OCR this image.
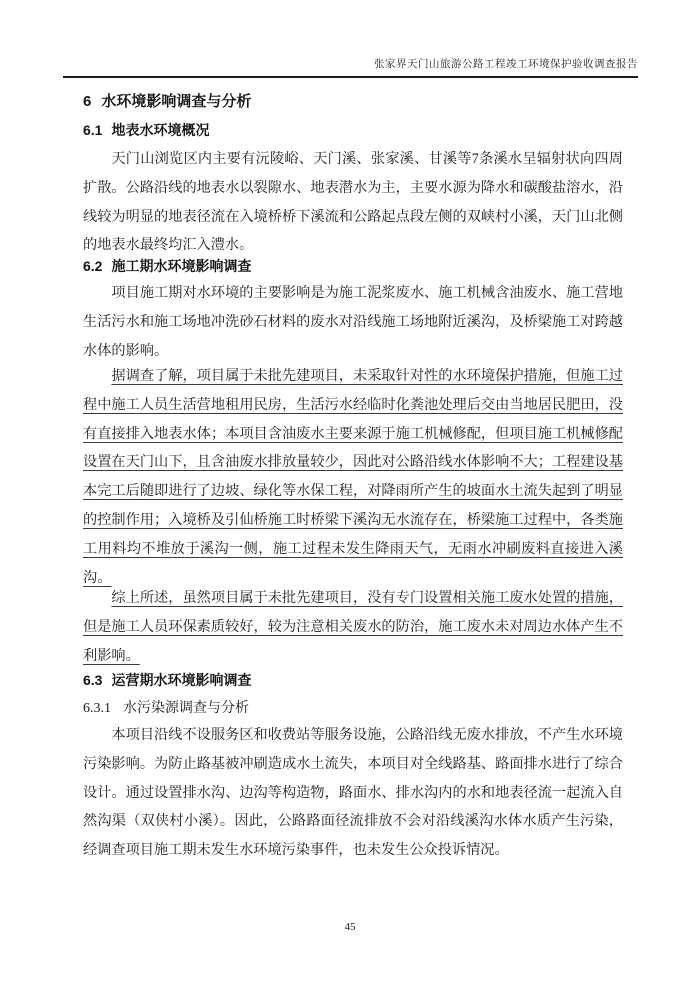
张家界天门山旅游公路工程竣工环境保护验收调查报告
6 水环境影响调查与分析
6.1 地表水环境概况

天门山浏览区内主要有沅陵峪、天门溪、张家溪、甘溪等7条溪水呈辐射状向四周扩散。公路沿线的地表水以裂隙水、地表潜水为主，主要水源为降水和碳酸盐溶水，沿线较为明显的地表径流在入境桥桥下溪流和公路起点段左侧的双峡村小溪，天门山北侧的地表水最终均汇入澧水。

6.2 施工期水环境影响调查

项目施工期对水环境的主要影响是为施工泥浆废水、施工机械含油废水、施工营地生活污水和施工场地冲洗砂石材料的废水对沿线施工场地附近溪沟，及桥梁施工对跨越水体的影响。

据调查了解，项目属于未批先建项目，未采取针对性的水环境保护措施，但施工过程中施工人员生活营地租用民房，生活污水经临时化粪池处理后交由当地居民肥田，没有直接排入地表水体；本项目含油废水主要来源于施工机械修配，但项目施工机械修配设置在天门山下，且含油废水排放量较少，因此对公路沿线水体影响不大；工程建设基本完工后随即进行了边坡、绿化等水保工程，对降雨所产生的坡面水土流失起到了明显的控制作用；入境桥及引仙桥施工时桥梁下溪沟无水流存在，桥梁施工过程中，各类施工用料均不堆放于溪沟一侧，施工过程未发生降雨天气，无雨水冲刷废料直接进入溪沟。

综上所述，虽然项目属于未批先建项目，没有专门设置相关施工废水处置的措施，但是施工人员环保素质较好，较为注意相关废水的防治，施工废水未对周边水体产生不利影响。

6.3 运营期水环境影响调查
6.3.1 水污染源调查与分析

本项目沿线不设服务区和收费站等服务设施，公路沿线无废水排放，不产生水环境污染影响。为防止路基被冲刷造成水土流失，本项目对全线路基、路面排水进行了综合设计。通过设置排水沟、边沟等构造物，路面水、排水沟内的水和地表径流一起流入自然沟渠（双侠村小溪）。因此，公路路面径流排放不会对沿线溪沟水体水质产生污染，经调查项目施工期未发生水环境污染事件，也未发生公众投诉情况。

45
